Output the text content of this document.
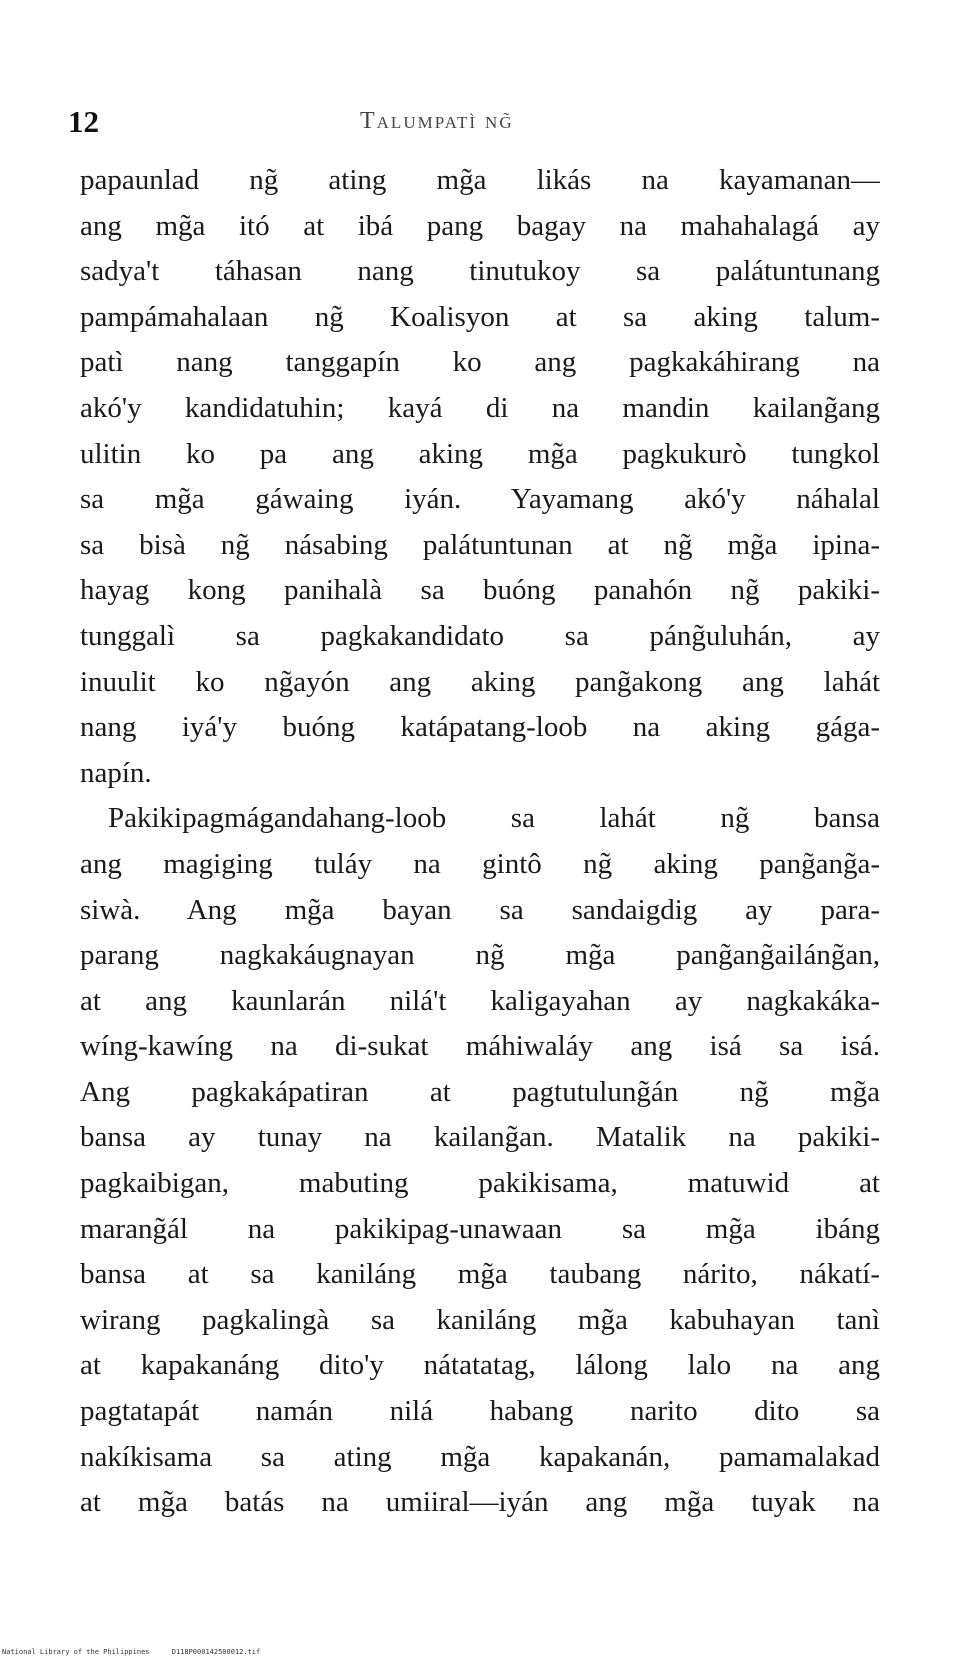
12	Talumpatì ng̃
papaunlad ng̃ ating mg̃a likás na kayamanan—
ang mg̃a itó at ibá pang bagay na mahahalagá ay
sadya't táhasan nang tinutukoy sa palátuntunang
pampámahalaan ng̃ Koalisyon at sa aking talum-
patì nang tanggapín ko ang pagkakáhirang na
akó'y kandidatuhin; kayá di na mandin kailang̃ang
ulitin ko pa ang aking mg̃a pagkukurò tungkol
sa mg̃a gáwaing iyán. Yayamang akó'y náhalal
sa bisà ng̃ násabing palátuntunan at ng̃ mg̃a ipina-
hayag kong panihalà sa buóng panahón ng̃ pakiki-
tunggalì sa pagkakandidato sa páng̃uluhán, ay
inuulit ko ng̃ayón ang aking pang̃akong ang lahát
nang iyá'y buóng katápatang-loob na aking gága-
napín.
Pakikipagmágandahang-loob sa lahát ng̃ bansa
ang magiging tuláy na gintô ng̃ aking pang̃ang̃a-
siwà. Ang mg̃a bayan sa sandaigdig ay para-
parang nagkakáugnayan ng̃ mg̃a pang̃ang̃ailáng̃an,
at ang kaunlarán nilá't kaligayahan ay nagkakáka-
wíng-kawíng na di-sukat máhiwaláy ang isá sa isá.
Ang pagkakápatiran at pagtutulung̃án ng̃ mg̃a
bansa ay tunay na kailang̃an. Matalik na pakiki-
pagkaibigan, mabuting pakikisama, matuwid at
marang̃ál na pakikipag-unawaan sa mg̃a ibáng
bansa at sa kaniláng mg̃a taubang nárito, nákatí-
wirang pagkalingà sa kaniláng mg̃a kabuhayan tanì
at kapakanáng dito'y nátatatag, lálong lalo na ang
pagtatapát namán nilá habang narito dito sa
nakíkisama sa ating mg̃a kapakanán, pamamalakad
at mg̃a batás na umiiral—iyán ang mg̃a tuyak na
National Library of the Philippines	D118P000142500012.tif
